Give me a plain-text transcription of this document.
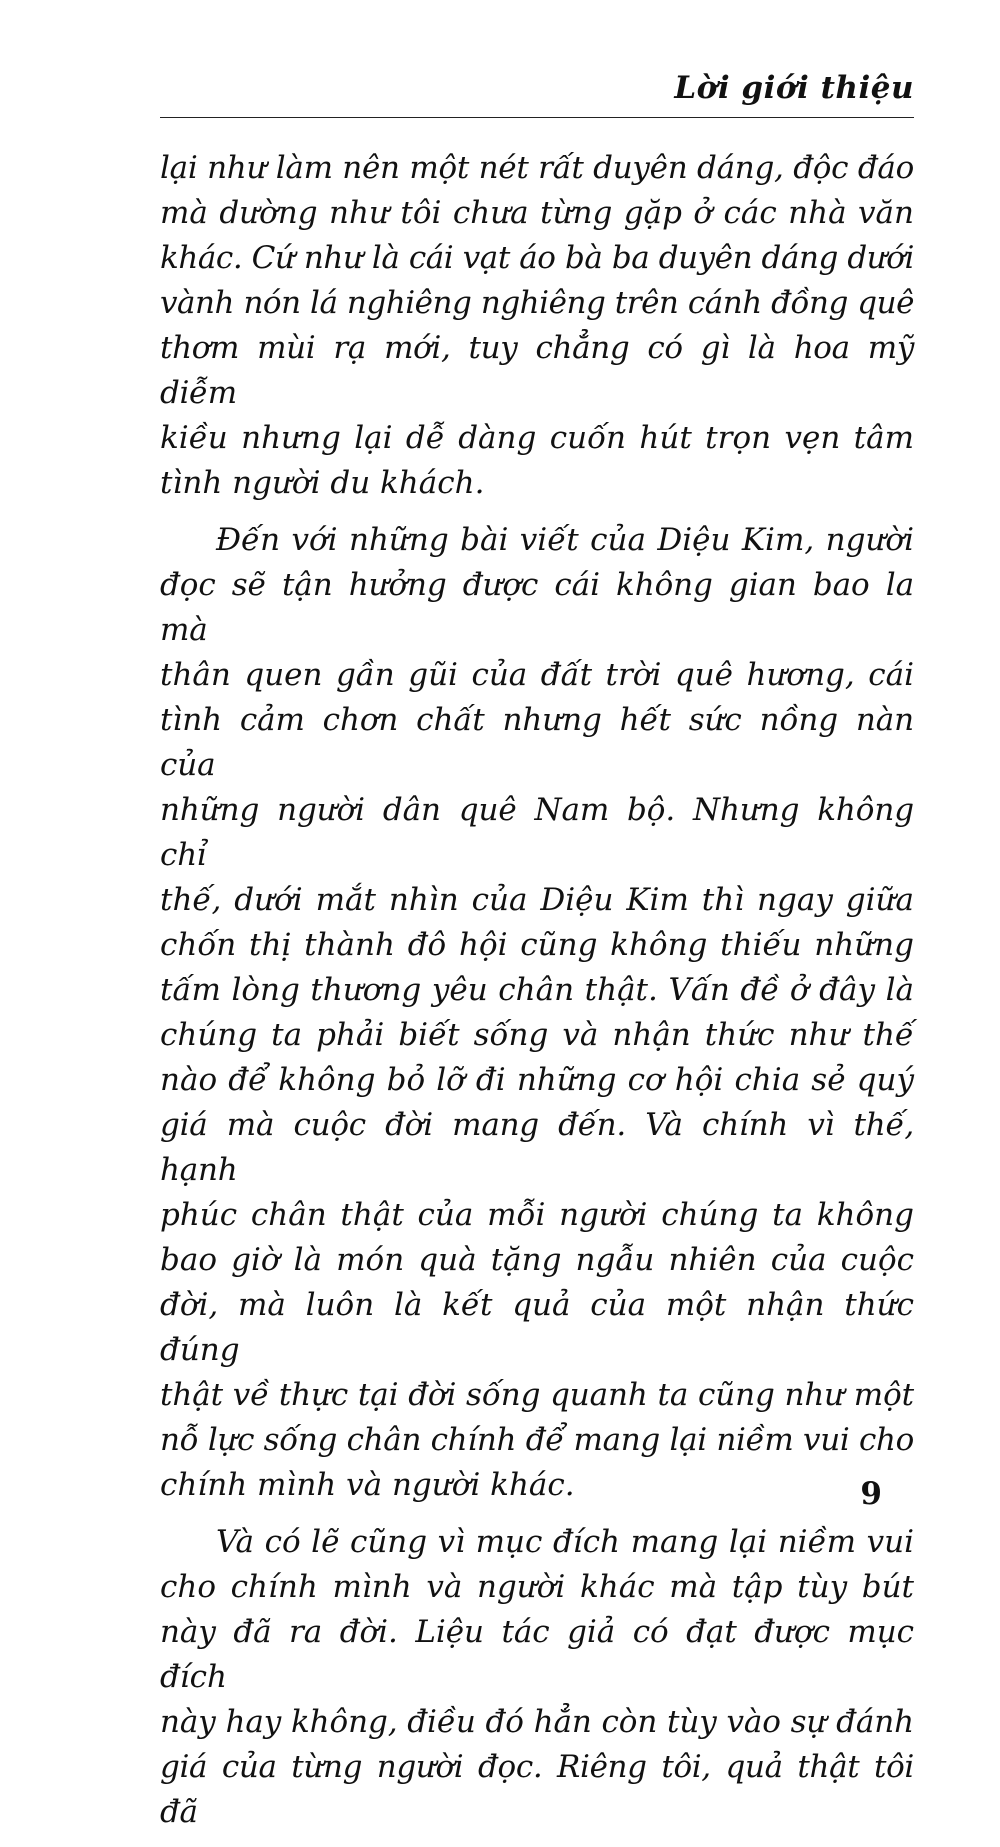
Lời giới thiệu

lại như làm nên một nét rất duyên dáng, độc đáo
mà dường như tôi chưa từng gặp ở các nhà văn
khác. Cứ như là cái vạt áo bà ba duyên dáng dưới
vành nón lá nghiêng nghiêng trên cánh đồng quê
thơm mùi rạ mới, tuy chẳng có gì là hoa mỹ diễm
kiều nhưng lại dễ dàng cuốn hút trọn vẹn tâm
tình người du khách.

Đến với những bài viết của Diệu Kim, người
đọc sẽ tận hưởng được cái không gian bao la mà
thân quen gần gũi của đất trời quê hương, cái
tình cảm chơn chất nhưng hết sức nồng nàn của
những người dân quê Nam bộ. Nhưng không chỉ
thế, dưới mắt nhìn của Diệu Kim thì ngay giữa
chốn thị thành đô hội cũng không thiếu những
tấm lòng thương yêu chân thật. Vấn đề ở đây là
chúng ta phải biết sống và nhận thức như thế
nào để không bỏ lỡ đi những cơ hội chia sẻ quý
giá mà cuộc đời mang đến. Và chính vì thế, hạnh
phúc chân thật của mỗi người chúng ta không
bao giờ là món quà tặng ngẫu nhiên của cuộc
đời, mà luôn là kết quả của một nhận thức đúng
thật về thực tại đời sống quanh ta cũng như một
nỗ lực sống chân chính để mang lại niềm vui cho
chính mình và người khác.

Và có lẽ cũng vì mục đích mang lại niềm vui
cho chính mình và người khác mà tập tùy bút
này đã ra đời. Liệu tác giả có đạt được mục đích
này hay không, điều đó hẳn còn tùy vào sự đánh
giá của từng người đọc. Riêng tôi, quả thật tôi đã

9
